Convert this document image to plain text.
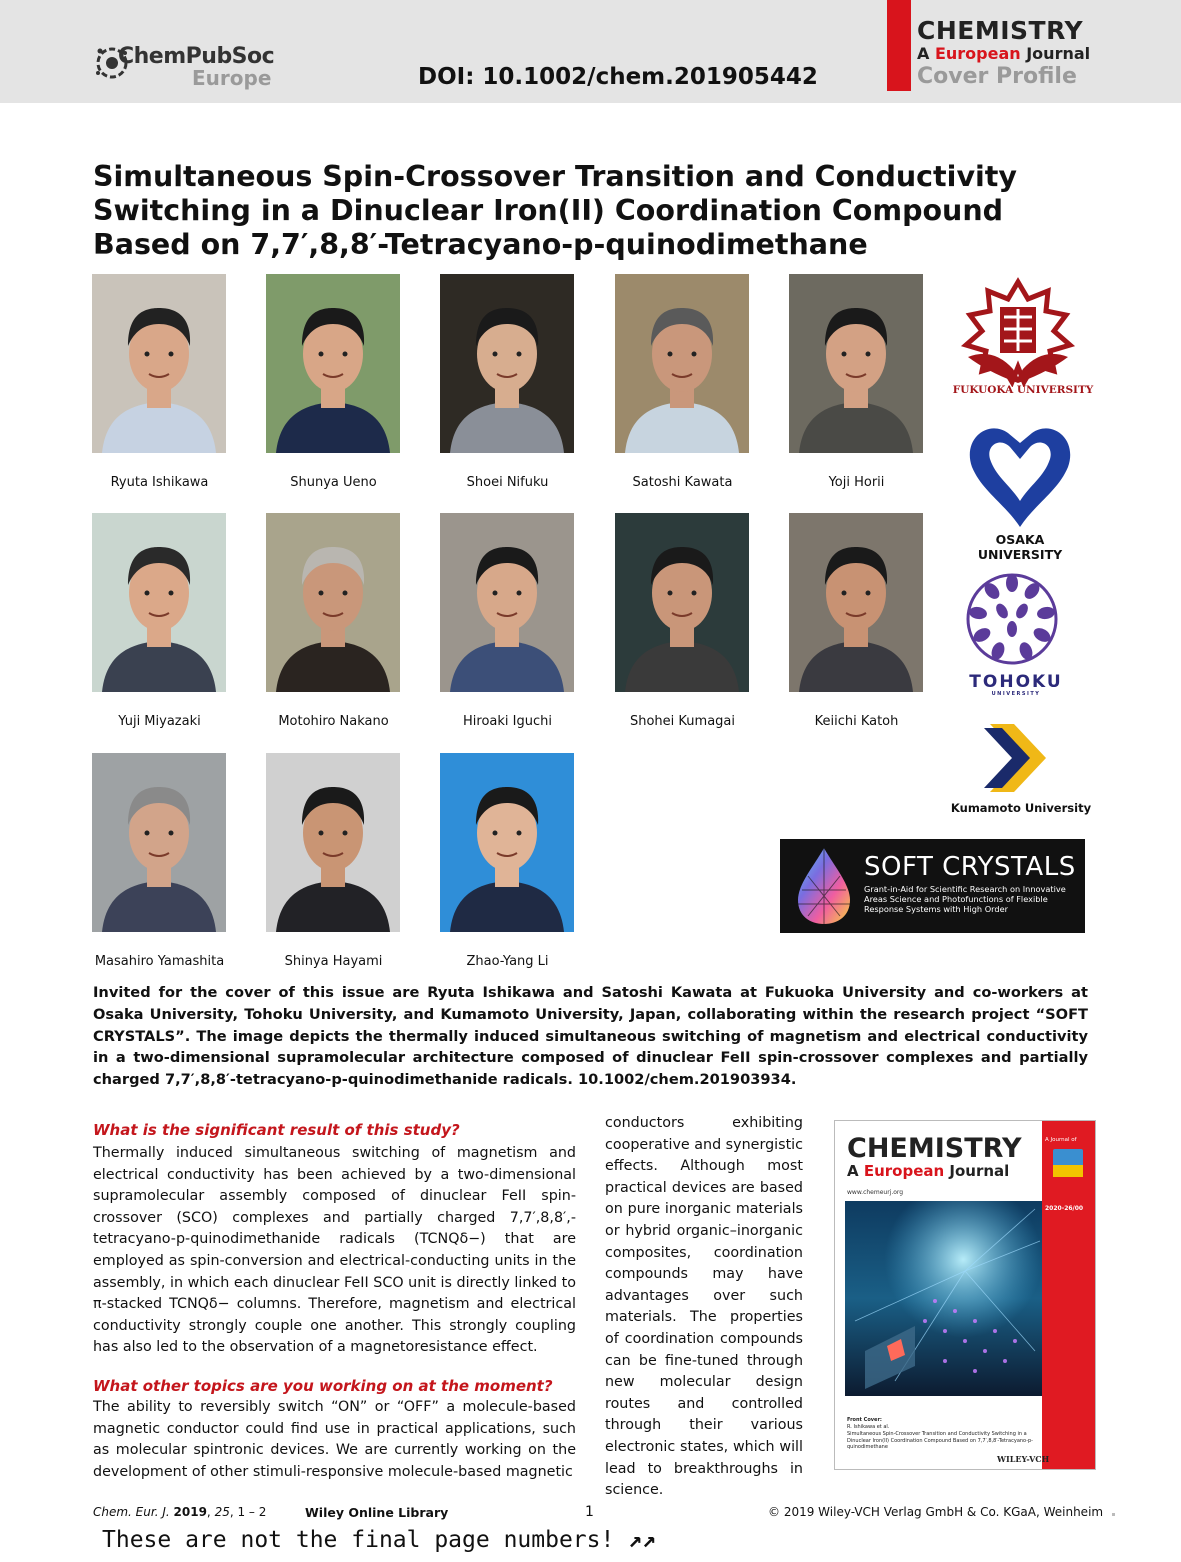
ChemPubSoc
Europe	DOI: 10.1002/chem.201905442
CHEMISTRY
A European Journal
Cover Profile
Simultaneous Spin-Crossover Transition and Conductivity Switching in a Dinuclear Iron(II) Coordination Compound Based on 7,7′,8,8′-Tetracyano-p-quinodimethane
Ryuta Ishikawa	Shunya Ueno	Shoei Nifuku	Satoshi Kawata	Yoji Horii
Yuji Miyazaki	Motohiro Nakano	Hiroaki Iguchi	Shohei Kumagai	Keiichi Katoh
Masahiro Yamashita	Shinya Hayami	Zhao-Yang Li
FUKUOKA UNIVERSITY
OSAKA UNIVERSITY
TOHOKU
UNIVERSITY
Kumamoto University
SOFT CRYSTALS
Grant-in-Aid for Scientific Research on Innovative Areas Science and Photofunctions of Flexible Response Systems with High Order

Invited for the cover of this issue are Ryuta Ishikawa and Satoshi Kawata at Fukuoka University and co-workers at Osaka University, Tohoku University, and Kumamoto University, Japan, collaborating within the research project “SOFT CRYSTALS”. The image depicts the thermally induced simultaneous switching of magnetism and electrical conductivity in a two-dimensional supramolecular architecture composed of dinuclear FeII spin-crossover complexes and partially charged 7,7′,8,8′-tetracyano-p-quinodimethanide radicals. 10.1002/chem.201903934.

What is the significant result of this study?

Thermally induced simultaneous switching of magnetism and electrical conductivity has been achieved by a two-dimensional supramolecular assembly composed of dinuclear FeII spin-crossover (SCO) complexes and partially charged 7,7′,8,8′,-tetracyano-p-quinodimethanide radicals (TCNQδ−) that are employed as spin-conversion and electrical-conducting units in the assembly, in which each dinuclear FeII SCO unit is directly linked to π-stacked TCNQδ− columns. Therefore, magnetism and electrical conductivity strongly couple one another. This strongly coupling has also led to the observation of a magnetoresistance effect.

What other topics are you working on at the moment?

The ability to reversibly switch “ON” or “OFF” a molecule-based magnetic conductor could find use in practical applications, such as molecular spintronic devices. We are currently working on the development of other stimuli-responsive molecule-based magnetic

conductors exhibiting cooperative and synergistic effects. Although most practical devices are based on pure inorganic materials or hybrid organic–inorganic composites, coordination compounds may have advantages over such materials. The properties of coordination compounds can be fine-tuned through new molecular design routes and controlled through their various electronic states, which will lead to breakthroughs in science.

CHEMISTRY
A European Journal
www.chemeurj.org
A Journal of
2020-26/00
Front Cover:
R. Ishikawa et al.
Simultaneous Spin-Crossover Transition and Conductivity Switching in a Dinuclear Iron(II) Coordination Compound Based on 7,7′,8,8′-Tetracyano-p-quinodimethane
WILEY-VCH
Chem. Eur. J. 2019, 25, 1 – 2	Wiley Online Library	1	© 2019 Wiley-VCH Verlag GmbH & Co. KGaA, Weinheim
These are not the final page numbers! ↗↗
